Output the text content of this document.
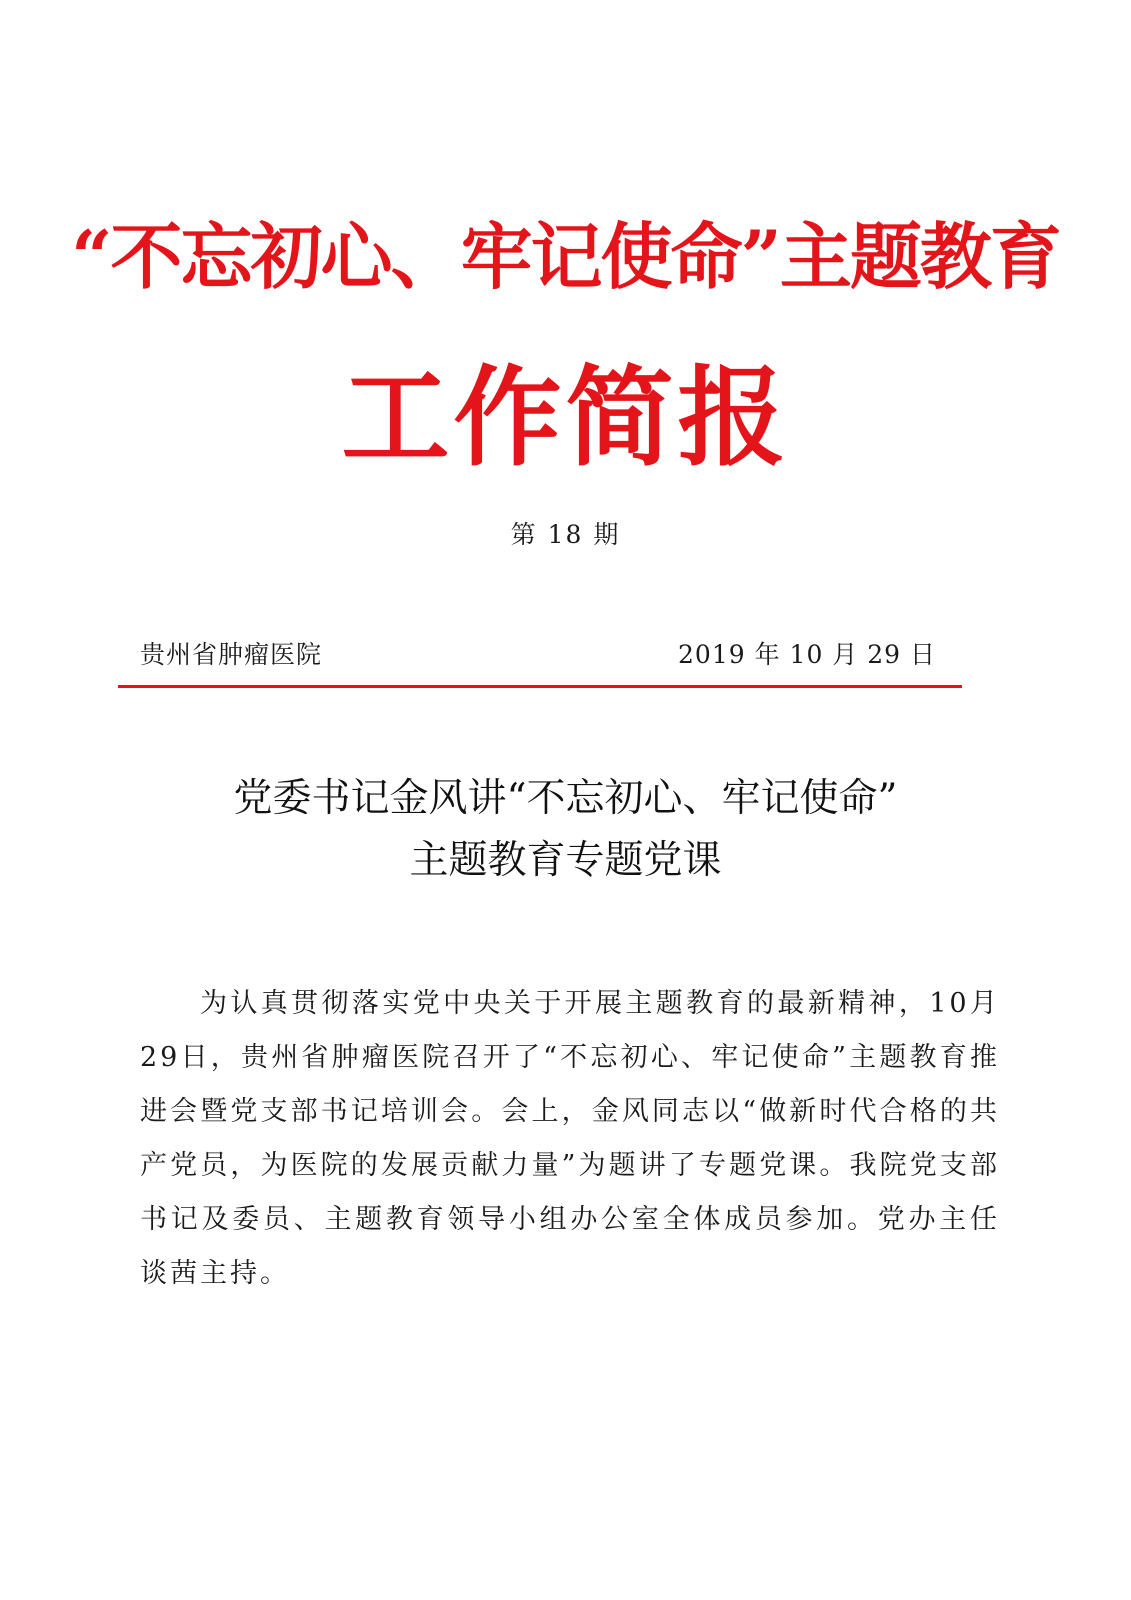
“不忘初心、牢记使命”主题教育
工作简报
第 18 期
贵州省肿瘤医院	2019 年 10 月 29 日
党委书记金风讲“不忘初心、牢记使命”
主题教育专题党课

为认真贯彻落实党中央关于开展主题教育的最新精神，10月29日，贵州省肿瘤医院召开了“不忘初心、牢记使命”主题教育推进会暨党支部书记培训会。会上，金风同志以“做新时代合格的共产党员，为医院的发展贡献力量”为题讲了专题党课。我院党支部书记及委员、主题教育领导小组办公室全体成员参加。党办主任谈茜主持。
